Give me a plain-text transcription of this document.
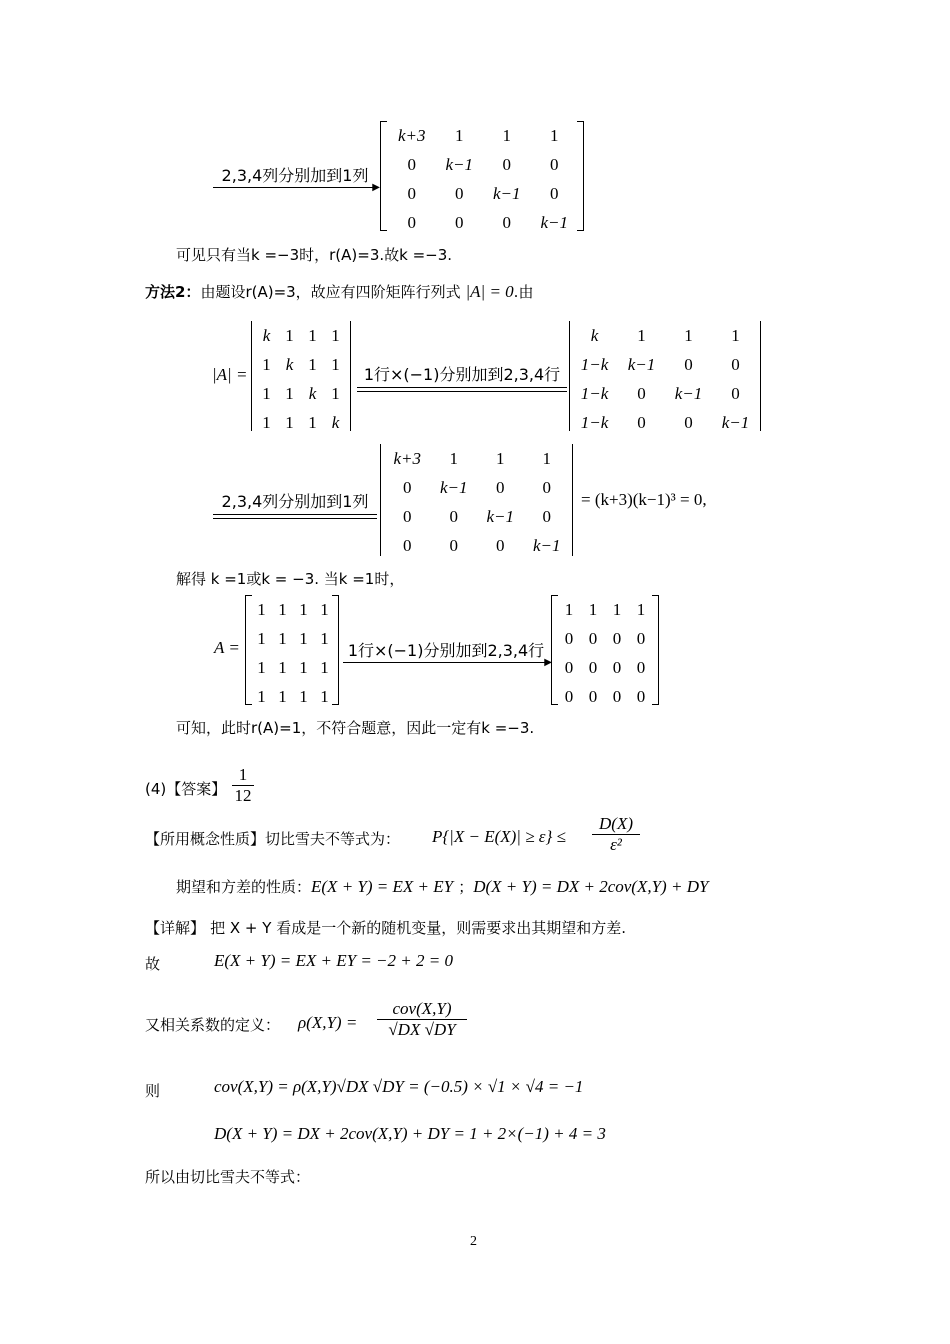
2,3,4列分别加到1列
▶
k+3	1	1	1
0	k−1	0	0
0	0	k−1	0
0	0	0	k−1
可见只有当k =−3时，r(A)=3.故k =−3.
方法2：由题设r(A)=3，故应有四阶矩阵行列式 |A| = 0.由
|A| =
k	1	1	1
1	k	1	1
1	1	k	1
1	1	1	k
1行×(−1)分别加到2,3,4行
k	1	1	1
1−k	k−1	0	0
1−k	0	k−1	0
1−k	0	0	k−1
2,3,4列分别加到1列
k+3	1	1	1
0	k−1	0	0
0	0	k−1	0
0	0	0	k−1
= (k+3)(k−1)³ = 0,
解得 k =1或k = −3. 当k =1时，
A =
1	1	1	1
1	1	1	1
1	1	1	1
1	1	1	1
1行×(−1)分别加到2,3,4行
▶
1	1	1	1
0	0	0	0
0	0	0	0
0	0	0	0
可知，此时r(A)=1，不符合题意，因此一定有k =−3.
(4)【答案】 $\frac{1}{12}$
【所用概念性质】切比雪夫不等式为： $P\{|X - E(X)| \ge \varepsilon\} \le \frac{D(X)}{\text{ε²}}$
期望和方差的性质：E(X + Y) = EX + EY ；D(X + Y) = DX + 2cov(X,Y) + DY
【详解】 把 X + Y 看成是一个新的随机变量，则需要求出其期望和方差.
故	E(X + Y) = EX + EY = −2 + 2 = 0
又相关系数的定义： ρ(X,Y) =
cov(X,Y)
√DX √DY
则	cov(X,Y) = ρ(X,Y)√DX √DY = (−0.5) × √1 × √4 = −1
D(X + Y) = DX + 2cov(X,Y) + DY = 1 + 2×(−1) + 4 = 3
所以由切比雪夫不等式：
2
